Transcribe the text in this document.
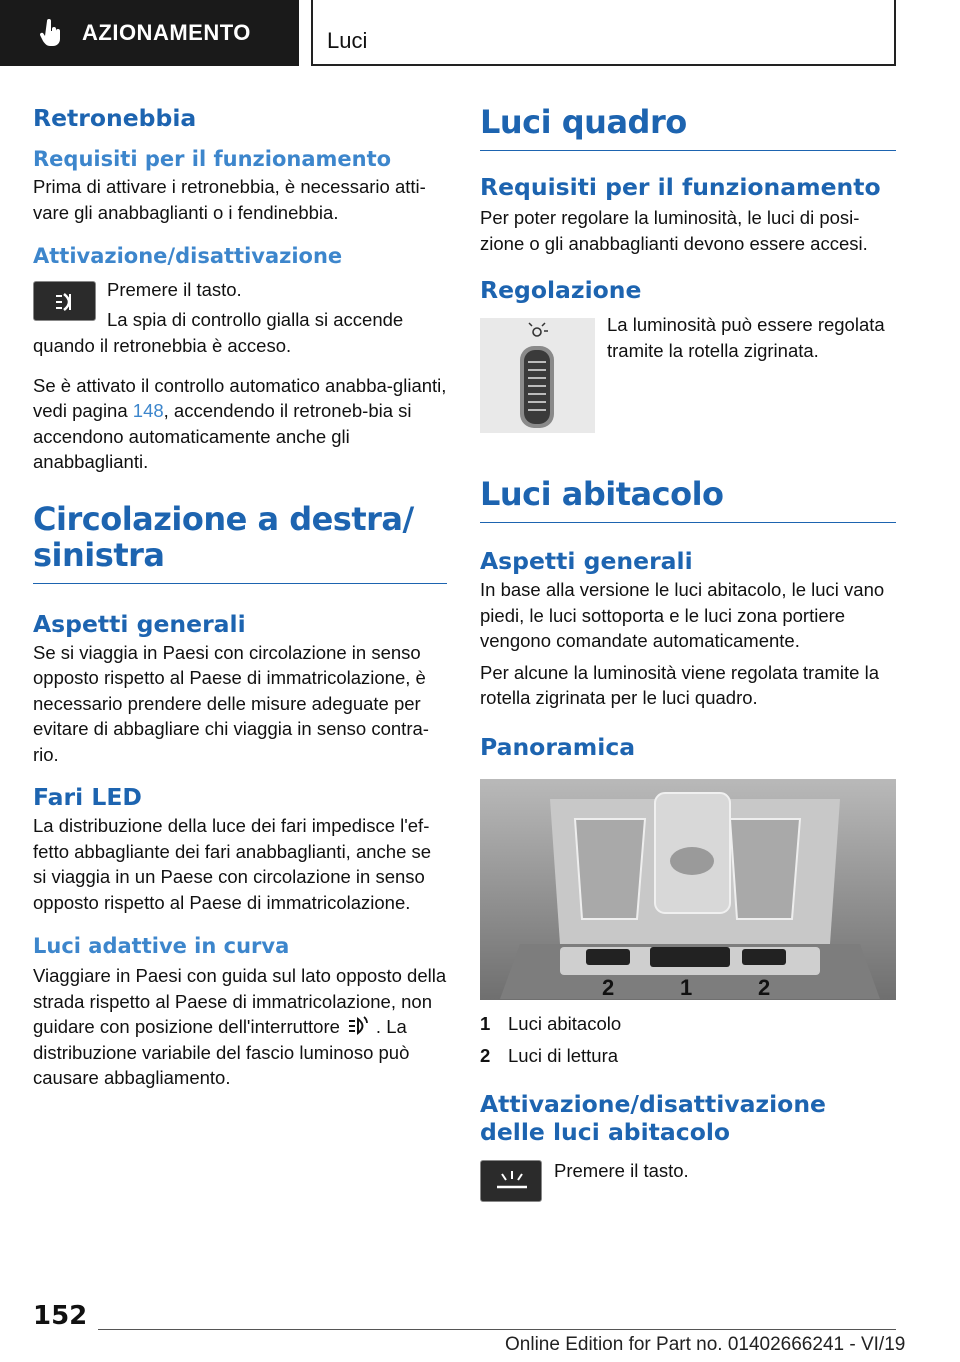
AZIONAMENTO	Luci
Retronebbia
Requisiti per il funzionamento

Prima di attivare i retronebbia, è necessario atti-vare gli anabbaglianti o i fendinebbia.

Attivazione/disattivazione

Premere il tasto.

La spia di controllo gialla si accende

quando il retronebbia è acceso.

Se è attivato il controllo automatico anabba-glianti, vedi pagina 148, accendendo il retroneb-bia si accendono automaticamente anche gli anabbaglianti.

Circolazione a destra/ sinistra
Aspetti generali

Se si viaggia in Paesi con circolazione in senso opposto rispetto al Paese di immatricolazione, è necessario prendere delle misure adeguate per evitare di abbagliare chi viaggia in senso contra-rio.

Fari LED

La distribuzione della luce dei fari impedisce l'ef-fetto abbagliante dei fari anabbaglianti, anche se si viaggia in un Paese con circolazione in senso opposto rispetto al Paese di immatricolazione.

Luci adattive in curva

Viaggiare in Paesi con guida sul lato opposto della strada rispetto al Paese di immatricolazione, non guidare con posizione dell'interruttore . La distribuzione variabile del fascio luminoso può causare abbagliamento.

Luci quadro
Requisiti per il funzionamento

Per poter regolare la luminosità, le luci di posi-zione o gli anabbaglianti devono essere accesi.

Regolazione

La luminosità può essere regolata tramite la rotella zigrinata.

Luci abitacolo
Aspetti generali

In base alla versione le luci abitacolo, le luci vano piedi, le luci sottoporta e le luci zona portiere vengono comandate automaticamente.

Per alcune la luminosità viene regolata tramite la rotella zigrinata per le luci quadro.

Panoramica
2	1	2
1 Luci abitacolo
2 Luci di lettura
Attivazione/disattivazione delle luci abitacolo

Premere il tasto.

152
Online Edition for Part no. 01402666241 - VI/19
